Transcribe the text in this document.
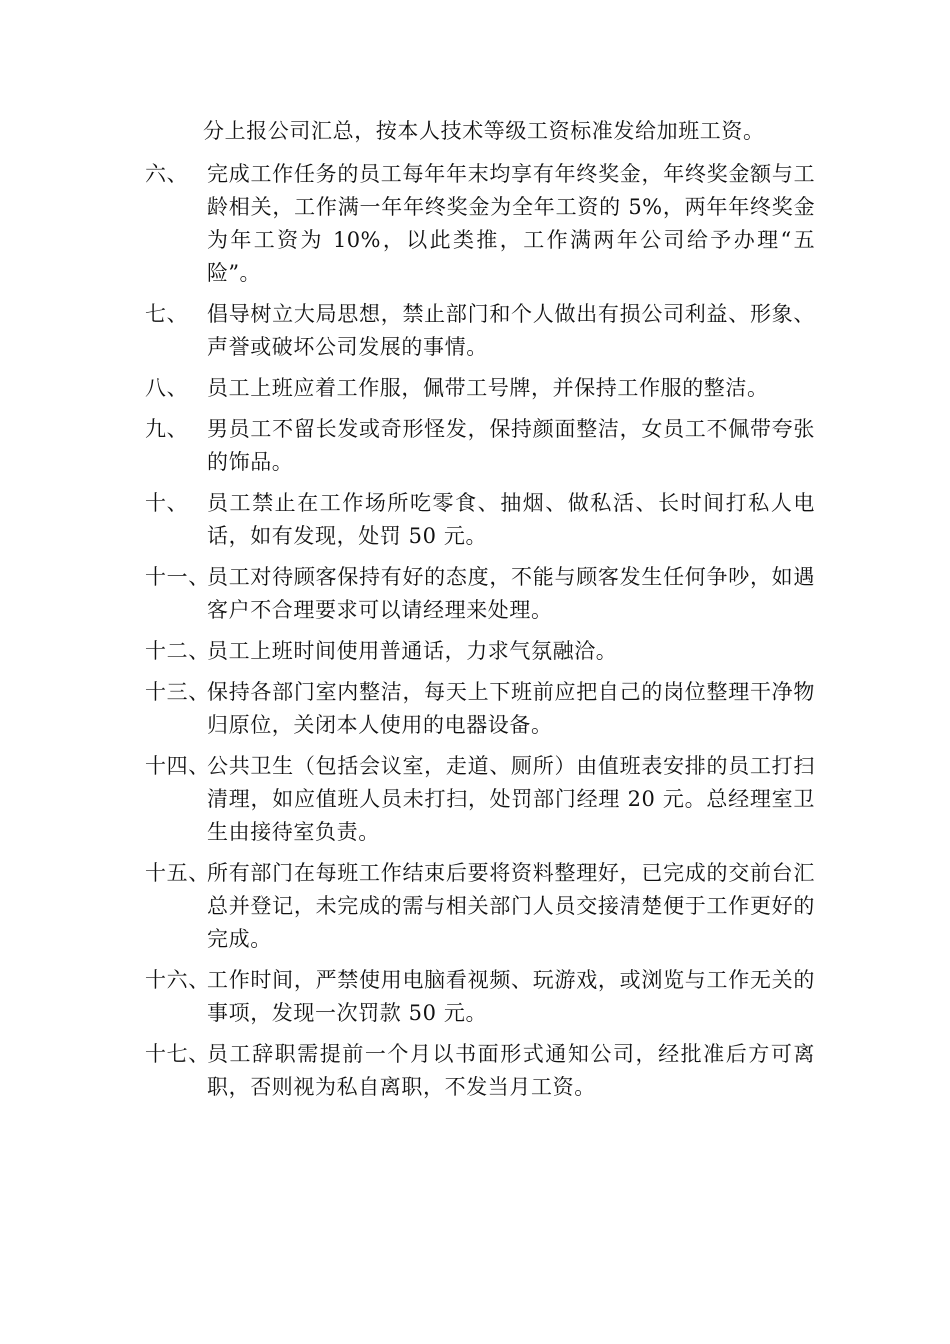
分上报公司汇总，按本人技术等级工资标准发给加班工资。
六、 完成工作任务的员工每年年末均享有年终奖金，年终奖金额与工龄相关，工作满一年年终奖金为全年工资的 5%，两年年终奖金为年工资为 10%，以此类推，工作满两年公司给予办理“五险”。
七、 倡导树立大局思想，禁止部门和个人做出有损公司利益、形象、声誉或破坏公司发展的事情。
八、 员工上班应着工作服，佩带工号牌，并保持工作服的整洁。
九、 男员工不留长发或奇形怪发，保持颜面整洁，女员工不佩带夸张的饰品。
十、 员工禁止在工作场所吃零食、抽烟、做私活、长时间打私人电话，如有发现，处罚 50 元。
十一、
员工对待顾客保持有好的态度，不能与顾客发生任何争吵，如遇客户不合理要求可以请经理来处理。
十二、
员工上班时间使用普通话，力求气氛融洽。
十三、
保持各部门室内整洁，每天上下班前应把自己的岗位整理干净物归原位，关闭本人使用的电器设备。
十四、
公共卫生（包括会议室，走道、厕所）由值班表安排的员工打扫清理，如应值班人员未打扫，处罚部门经理 20 元。总经理室卫生由接待室负责。
十五、
所有部门在每班工作结束后要将资料整理好，已完成的交前台汇总并登记，未完成的需与相关部门人员交接清楚便于工作更好的完成。
十六、
工作时间，严禁使用电脑看视频、玩游戏，或浏览与工作无关的事项，发现一次罚款 50 元。
十七、
员工辞职需提前一个月以书面形式通知公司，经批准后方可离职，否则视为私自离职，不发当月工资。
